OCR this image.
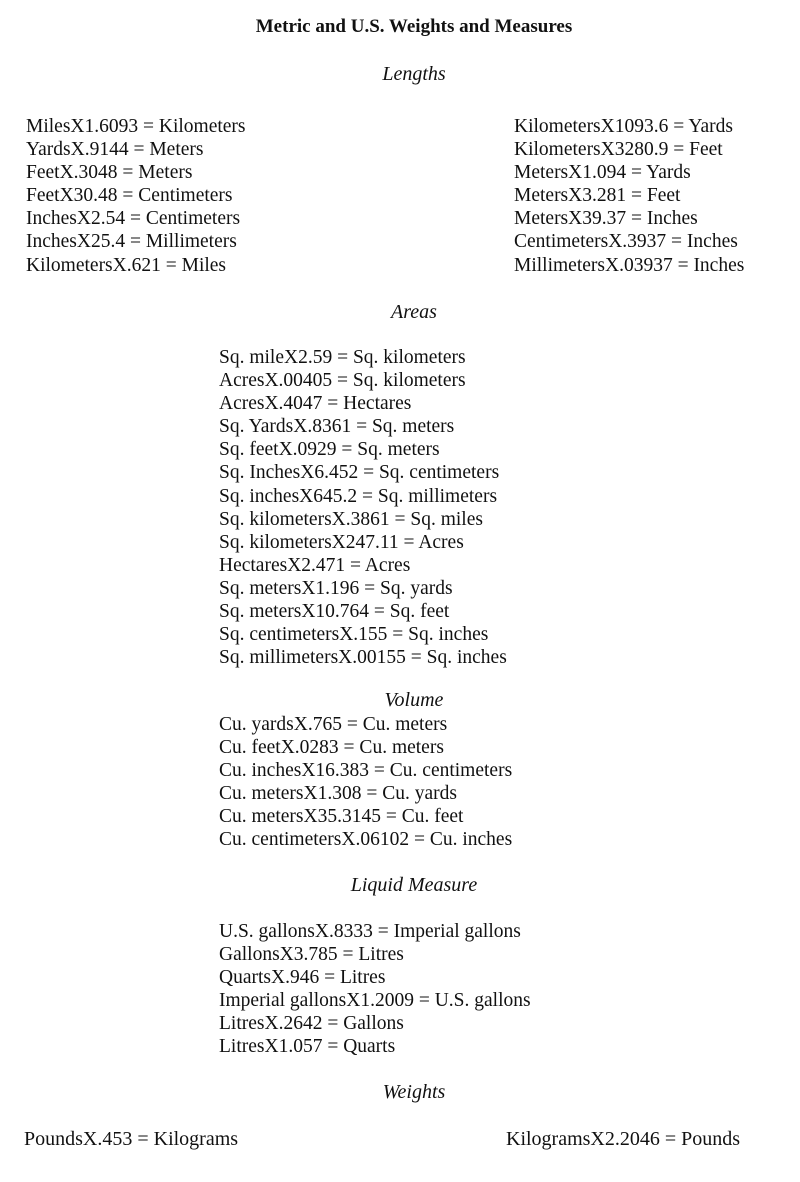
Metric and U.S. Weights and Measures
Lengths
MilesX1.6093 = Kilometers
YardsX.9144 = Meters
FeetX.3048 = Meters
FeetX30.48 = Centimeters
InchesX2.54 = Centimeters
InchesX25.4 = Millimeters
KilometersX.621 = Miles
KilometersX1093.6 = Yards
KilometersX3280.9 = Feet
MetersX1.094 = Yards
MetersX3.281 = Feet
MetersX39.37 = Inches
CentimetersX.3937 = Inches
MillimetersX.03937 = Inches
Areas
Sq. mileX2.59 = Sq. kilometers
AcresX.00405 = Sq. kilometers
AcresX.4047 = Hectares
Sq. YardsX.8361 = Sq. meters
Sq. feetX.0929 = Sq. meters
Sq. InchesX6.452 = Sq. centimeters
Sq. inchesX645.2 = Sq. millimeters
Sq. kilometersX.3861 = Sq. miles
Sq. kilometersX247.11 = Acres
HectaresX2.471 = Acres
Sq. metersX1.196 = Sq. yards
Sq. metersX10.764 = Sq. feet
Sq. centimetersX.155 = Sq. inches
Sq. millimetersX.00155 = Sq. inches
Volume
Cu. yardsX.765 = Cu. meters
Cu. feetX.0283 = Cu. meters
Cu. inchesX16.383 = Cu. centimeters
Cu. metersX1.308 = Cu. yards
Cu. metersX35.3145 = Cu. feet
Cu. centimetersX.06102 = Cu. inches
Liquid Measure
U.S. gallonsX.8333 = Imperial gallons
GallonsX3.785 = Litres
QuartsX.946 = Litres
Imperial gallonsX1.2009 = U.S. gallons
LitresX.2642 = Gallons
LitresX1.057 = Quarts
Weights
PoundsX.453 = Kilograms	KilogramsX2.2046 = Pounds
